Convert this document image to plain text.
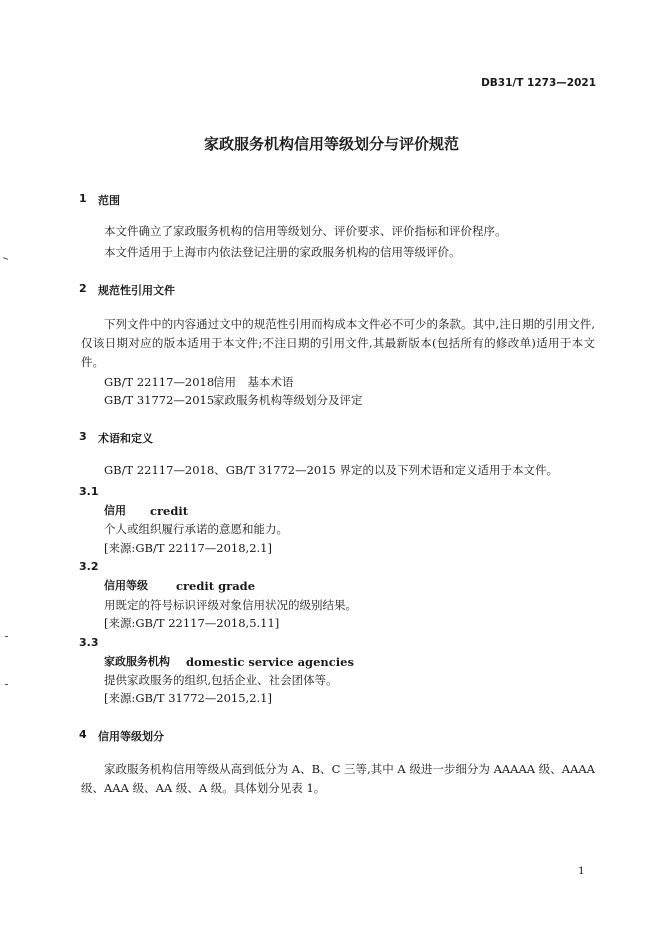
DB31/T 1273—2021
家政服务机构信用等级划分与评价规范
1 范围
本文件确立了家政服务机构的信用等级划分、评价要求、评价指标和评价程序。
本文件适用于上海市内依法登记注册的家政服务机构的信用等级评价。
2 规范性引用文件
下列文件中的内容通过文中的规范性引用而构成本文件必不可少的条款。其中,注日期的引用文件,仅该日期对应的版本适用于本文件;不注日期的引用文件,其最新版本(包括所有的修改单)适用于本文件。
GB/T 22117—2018
信用　基本术语
GB/T 31772—2015
家政服务机构等级划分及评定
3 术语和定义
GB/T 22117—2018、GB/T 31772—2015 界定的以及下列术语和定义适用于本文件。
3.1
信用 credit
个人或组织履行承诺的意愿和能力。
[来源:GB/T 22117—2018,2.1]
3.2
信用等级 credit grade
用既定的符号标识评级对象信用状况的级别结果。
[来源:GB/T 22117—2018,5.11]
3.3
家政服务机构 domestic service agencies
提供家政服务的组织,包括企业、社会团体等。
[来源:GB/T 31772—2015,2.1]
4 信用等级划分
家政服务机构信用等级从高到低分为 A、B、C 三等,其中 A 级进一步细分为 AAAAA 级、AAAA级、AAA 级、AA 级、A 级。具体划分见表 1。
1
